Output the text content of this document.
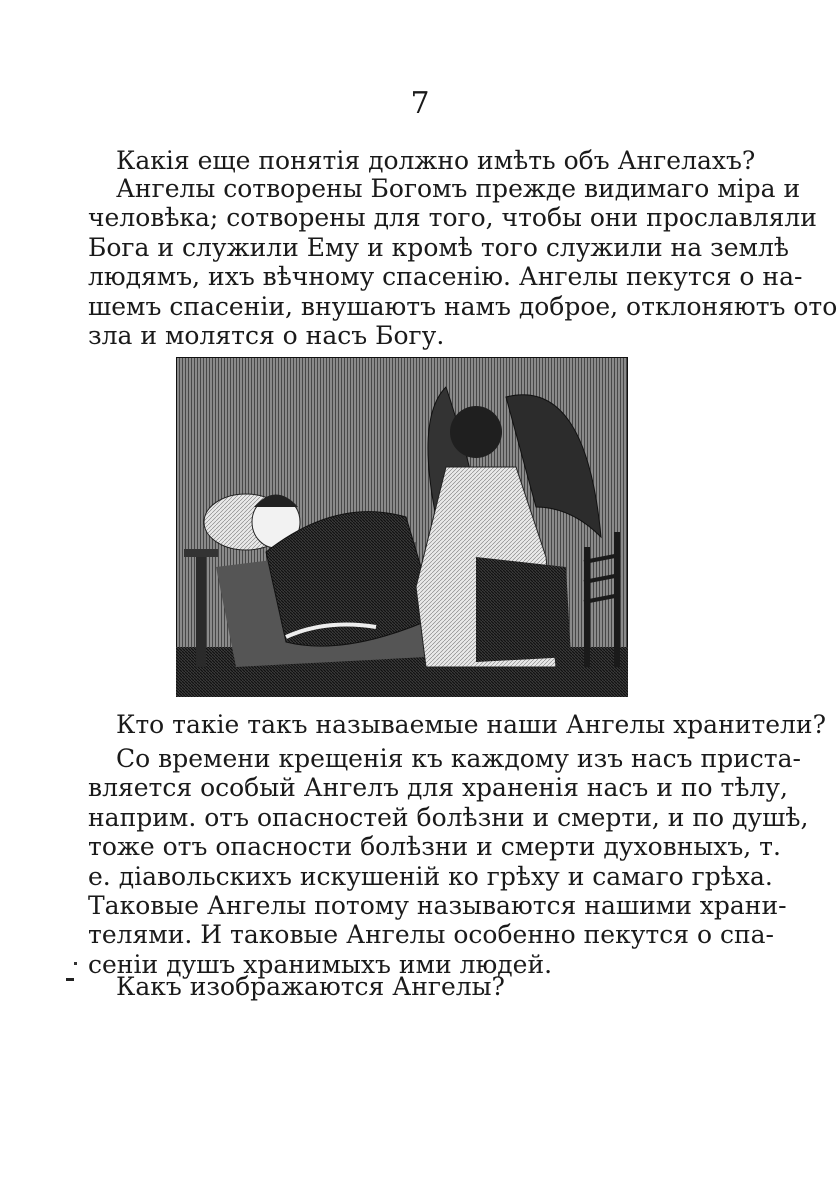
7
Какія еще понятія должно имѣть объ Ангелахъ?
Ангелы сотворены Богомъ прежде видимаго міра и
человѣка; сотворены для того, чтобы они прославляли
Бога и служили Ему и кромѣ того служили на землѣ
людямъ, ихъ вѣчному спасенію. Ангелы пекутся о на-
шемъ спасеніи, внушаютъ намъ доброе, отклоняютъ ото
зла и молятся о насъ Богу.
Кто такіе такъ называемые наши Ангелы хранители?
Со времени крещенія къ каждому изъ насъ приста-
вляется особый Ангелъ для храненія насъ и по тѣлу,
наприм. отъ опасностей болѣзни и смерти, и по душѣ,
тоже отъ опасности болѣзни и смерти духовныхъ, т.
е. діавольскихъ искушеній ко грѣху и самаго грѣха.
Таковые Ангелы потому называются нашими храни-
телями. И таковые Ангелы особенно пекутся о спа-
сеніи душъ хранимыхъ ими людей.
Какъ изображаются Ангелы?
